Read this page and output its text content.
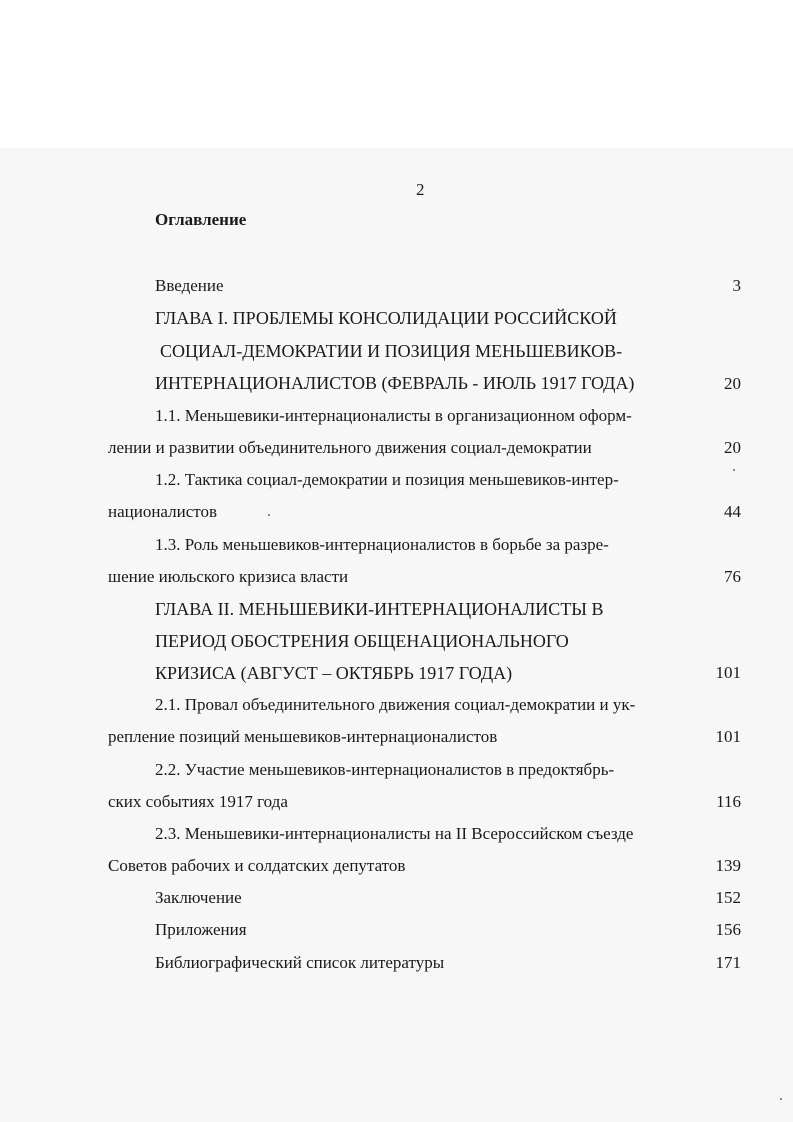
2
Оглавление
Введение	3
ГЛАВА I. ПРОБЛЕМЫ КОНСОЛИДАЦИИ РОССИЙСКОЙ
СОЦИАЛ-ДЕМОКРАТИИ И ПОЗИЦИЯ МЕНЬШЕВИКОВ-
ИНТЕРНАЦИОНАЛИСТОВ (ФЕВРАЛЬ - ИЮЛЬ 1917 ГОДА)	20
1.1. Меньшевики-интернационалисты в организационном оформ-
лении и развитии объединительного движения социал-демократии	20
1.2. Тактика социал-демократии и позиция меньшевиков-интер-
националистов	44
1.3. Роль меньшевиков-интернационалистов в борьбе за разре-
шение июльского кризиса власти	76
ГЛАВА II. МЕНЬШЕВИКИ-ИНТЕРНАЦИОНАЛИСТЫ В
ПЕРИОД ОБОСТРЕНИЯ ОБЩЕНАЦИОНАЛЬНОГО
КРИЗИСА (АВГУСТ – ОКТЯБРЬ 1917 ГОДА)	101
2.1. Провал объединительного движения социал-демократии и ук-
репление позиций меньшевиков-интернационалистов	101
2.2. Участие меньшевиков-интернационалистов в предоктябрь-
ских событиях 1917 года	116
2.3. Меньшевики-интернационалисты на II Всероссийском съезде
Советов рабочих и солдатских депутатов	139
Заключение	152
Приложения	156
Библиографический список литературы	171
